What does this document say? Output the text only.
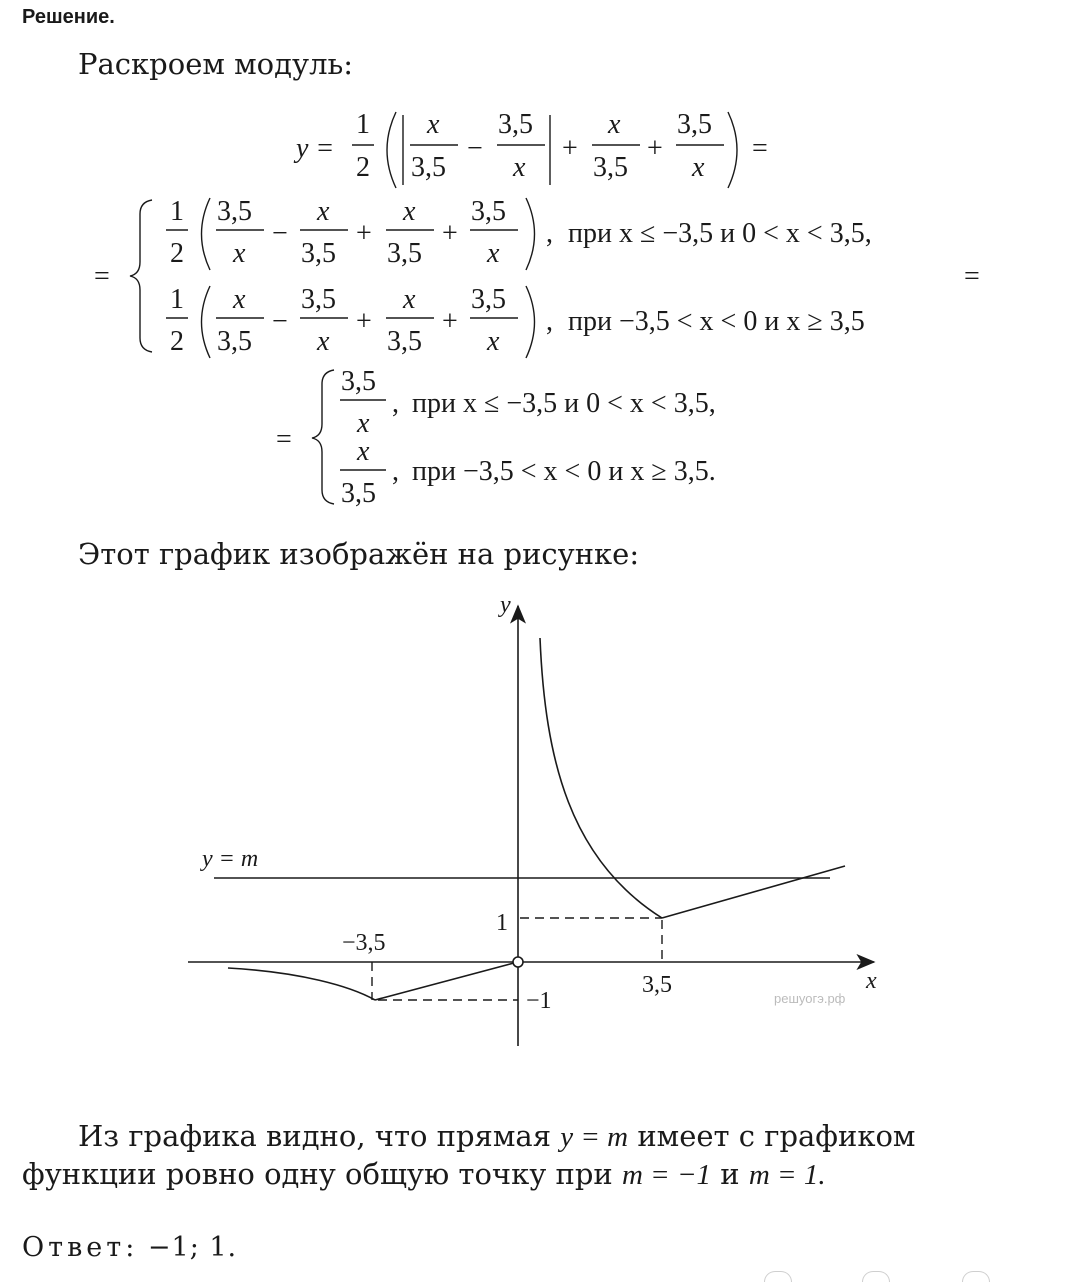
Решение.
Раскроем модуль:
y =
1
2
x
3,5
−
3,5
x
+
x
3,5
+
3,5
x
=
=
1
2
3,5
x
−
x
3,5
+
x
3,5
+
3,5
x
, при x ≤ −3,5 и 0 < x < 3,5,
1
2
x
3,5
−
3,5
x
+
x
3,5
+
3,5
x
, при −3,5 < x < 0 и x ≥ 3,5
=
=
3,5
x
, при x ≤ −3,5 и 0 < x < 3,5,
x
3,5
, при −3,5 < x < 0 и x ≥ 3,5.
Этот график изображён на рисунке:
y
x
y = m
−3,5
3,5
1
−1	решуогэ.рф
Из графика видно, что прямая y = m имеет с графиком
функции ровно одну общую точку при m = −1 и m = 1.
Ответ: −1; 1.
